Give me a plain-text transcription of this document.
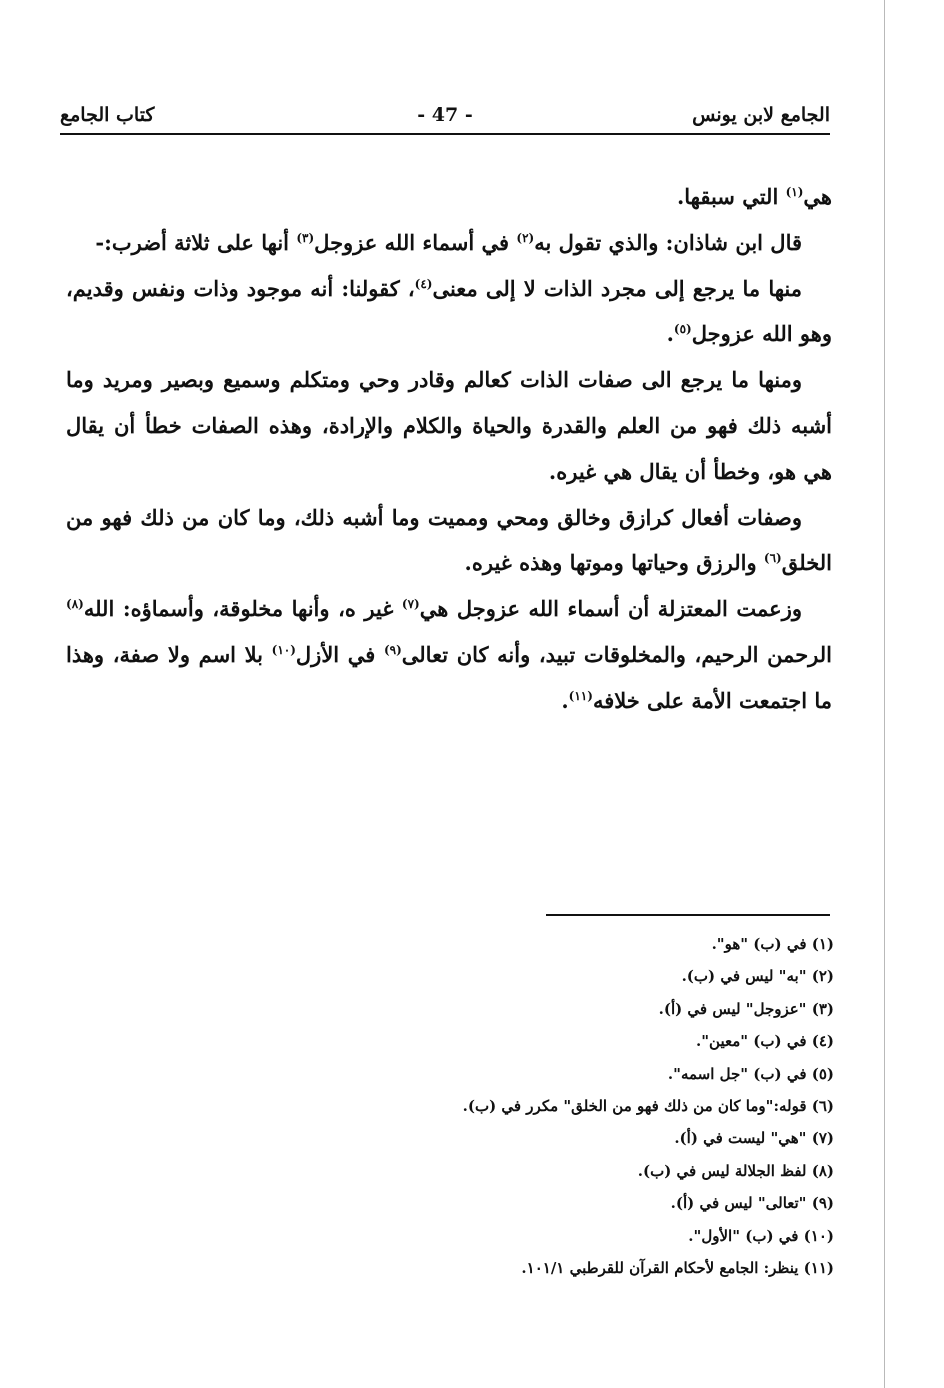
الجامع لابن يونس
- 47 -
كتاب الجامع

هي$^{(١)}$ التي سبقها.

قال ابن شاذان: والذي تقول به$^{(٢)}$ في أسماء الله عزوجل$^{(٣)}$ أنها على ثلاثة أضرب:-

منها ما يرجع إلى مجرد الذات لا إلى معنى$^{(٤)}$، كقولنا: أنه موجود وذات ونفس وقديم، وهو الله عزوجل$^{(٥)}$.

ومنها ما يرجع الى صفات الذات كعالم وقادر وحي ومتكلم وسميع وبصير ومريد وما أشبه ذلك فهو من العلم والقدرة والحياة والكلام والإرادة، وهذه الصفات خطأ أن يقال هي هو، وخطأ أن يقال هي غيره.

وصفات أفعال كرازق وخالق ومحي ومميت وما أشبه ذلك، وما كان من ذلك فهو من الخلق$^{(٦)}$ والرزق وحياتها وموتها وهذه غيره.

وزعمت المعتزلة أن أسماء الله عزوجل هي$^{(٧)}$ غير ه، وأنها مخلوقة، وأسماؤه: الله$^{(٨)}$ الرحمن الرحيم، والمخلوقات تبيد، وأنه كان تعالى$^{(٩)}$ في الأزل$^{(١٠)}$ بلا اسم ولا صفة، وهذا ما اجتمعت الأمة على خلافه$^{(١١)}$.

(١) في (ب) "هو".
(٢) "به" ليس في (ب).
(٣) "عزوجل" ليس في (أ).
(٤) في (ب) "معين".
(٥) في (ب) "جل اسمه".
(٦) قوله:"وما كان من ذلك فهو من الخلق" مكرر في (ب).
(٧) "هي" ليست في (أ).
(٨) لفظ الجلالة ليس في (ب).
(٩) "تعالى" ليس في (أ).
(١٠) في (ب) "الأول".
(١١) ينظر: الجامع لأحكام القرآن للقرطبي ١٠١/١.
